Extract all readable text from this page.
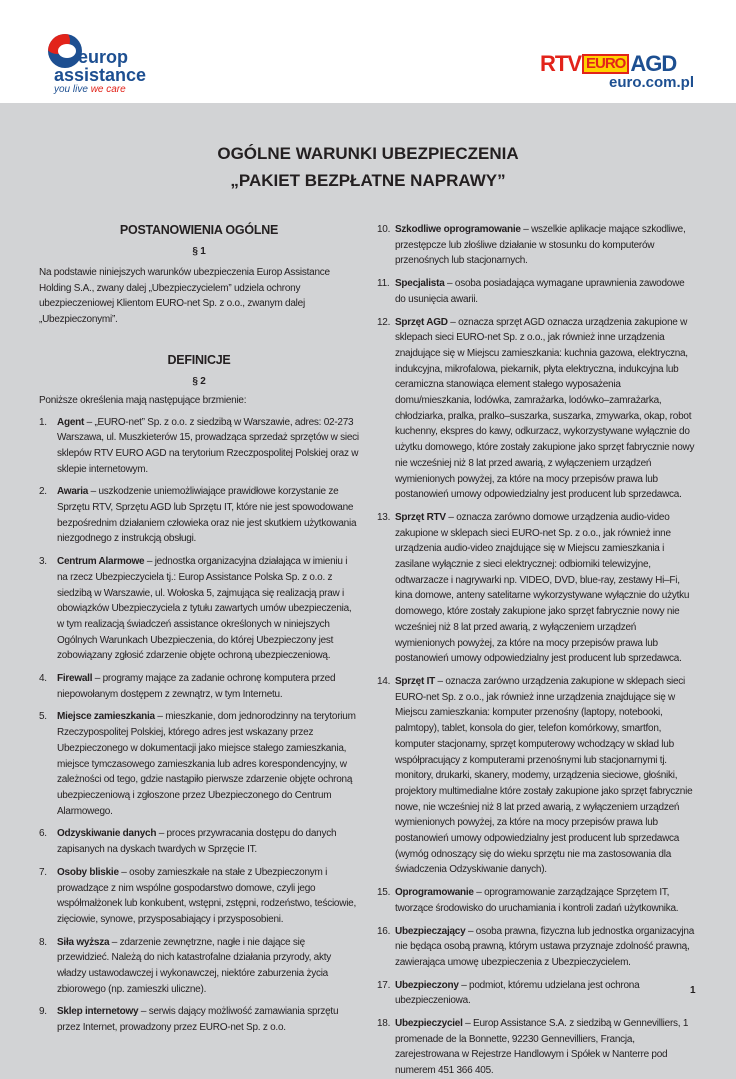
europ
assistance
you live we care
RTV EURO AGD
euro.com.pl
OGÓLNE WARUNKI UBEZPIECZENIA
„PAKIET BEZPŁATNE NAPRAWY”
POSTANOWIENIA OGÓLNE
§ 1
Na podstawie niniejszych warunków ubezpieczenia Europ Assistance Holding S.A., zwany dalej „Ubezpieczycielem” udziela ochrony ubezpieczeniowej Klientom EURO-net Sp. z o.o., zwanym dalej „Ubezpieczonymi”.
DEFINICJE
§ 2
Poniższe określenia mają następujące brzmienie:
1. Agent – „EURO-net” Sp. z o.o. z siedzibą w Warszawie, adres: 02-273 Warszawa, ul. Muszkieterów 15, prowadząca sprzedaż sprzętów w sieci sklepów RTV EURO AGD na terytorium Rzeczpospolitej Polskiej oraz w sklepie internetowym.
2. Awaria – uszkodzenie uniemożliwiające prawidłowe korzystanie ze Sprzętu RTV, Sprzętu AGD lub Sprzętu IT, które nie jest spowodowane bezpośrednim działaniem człowieka oraz nie jest skutkiem użytkowania niezgodnego z instrukcją obsługi.
3. Centrum Alarmowe – jednostka organizacyjna działająca w imieniu i na rzecz Ubezpieczyciela tj.: Europ Assistance Polska Sp. z o.o. z siedzibą w Warszawie, ul. Wołoska 5, zajmująca się realizacją praw i obowiązków Ubezpieczyciela z tytułu zawartych umów ubezpieczenia, w tym realizacją świadczeń assistance określonych w niniejszych Ogólnych Warunkach Ubezpieczenia, do której Ubezpieczony jest zobowiązany zgłosić zdarzenie objęte ochroną ubezpieczeniową.
4. Firewall – programy mające za zadanie ochronę komputera przed niepowołanym dostępem z zewnątrz, w tym Internetu.
5. Miejsce zamieszkania – mieszkanie, dom jednorodzinny na terytorium Rzeczypospolitej Polskiej, którego adres jest wskazany przez Ubezpieczonego w dokumentacji jako miejsce stałego zamieszkania, miejsce tymczasowego zamieszkania lub adres korespondencyjny, w zależności od tego, gdzie nastąpiło pierwsze zdarzenie objęte ochroną ubezpieczeniową i zgłoszone przez Ubezpieczonego do Centrum Alarmowego.
6. Odzyskiwanie danych – proces przywracania dostępu do danych zapisanych na dyskach twardych w Sprzęcie IT.
7. Osoby bliskie – osoby zamieszkałe na stałe z Ubezpieczonym i prowadzące z nim wspólne gospodarstwo domowe, czyli jego współmałżonek lub konkubent, wstępni, zstępni, rodzeństwo, teściowie, zięciowie, synowe, przysposabiający i przysposobieni.
8. Siła wyższa – zdarzenie zewnętrzne, nagłe i nie dające się przewidzieć. Należą do nich katastrofalne działania przyrody, akty władzy ustawodawczej i wykonawczej, niektóre zaburzenia życia zbiorowego (np. zamieszki uliczne).
9. Sklep internetowy – serwis dający możliwość zamawiania sprzętu przez Internet, prowadzony przez EURO-net Sp. z o.o.
10. Szkodliwe oprogramowanie – wszelkie aplikacje mające szkodliwe, przestępcze lub złośliwe działanie w stosunku do komputerów przenośnych lub stacjonarnych.
11. Specjalista – osoba posiadająca wymagane uprawnienia zawodowe do usunięcia awarii.
12. Sprzęt AGD – oznacza sprzęt AGD oznacza urządzenia zakupione w sklepach sieci EURO-net Sp. z o.o., jak również inne urządzenia znajdujące się w Miejscu zamieszkania: kuchnia gazowa, elektryczna, indukcyjna, mikrofalowa, piekarnik, płyta elektryczna, indukcyjna lub ceramiczna stanowiąca element stałego wyposażenia domu/mieszkania, lodówka, zamrażarka, lodówko–zamrażarka, chłodziarka, pralka, pralko–suszarka, suszarka, zmywarka, okap, robot kuchenny, ekspres do kawy, odkurzacz, wykorzystywane wyłącznie do użytku domowego, które zostały zakupione jako sprzęt fabrycznie nowy nie wcześniej niż 8 lat przed awarią, z wyłączeniem urządzeń wymienionych powyżej, za które na mocy przepisów prawa lub postanowień umowy odpowiedzialny jest producent lub sprzedawca.
13. Sprzęt RTV – oznacza zarówno domowe urządzenia audio-video zakupione w sklepach sieci EURO-net Sp. z o.o., jak również inne urządzenia audio-video znajdujące się w Miejscu zamieszkania i zasilane wyłącznie z sieci elektrycznej: odbiorniki telewizyjne, odtwarzacze i nagrywarki np. VIDEO, DVD, blue-ray, zestawy Hi–Fi, kina domowe, anteny satelitarne wykorzystywane wyłącznie do użytku domowego, które zostały zakupione jako sprzęt fabrycznie nowy nie wcześniej niż 8 lat przed awarią, z wyłączeniem urządzeń wymienionych powyżej, za które na mocy przepisów prawa lub postanowień umowy odpowiedzialny jest producent lub sprzedawca.
14. Sprzęt IT – oznacza zarówno urządzenia zakupione w sklepach sieci EURO-net Sp. z o.o., jak również inne urządzenia znajdujące się w Miejscu zamieszkania: komputer przenośny (laptopy, notebooki, palmtopy), tablet, konsola do gier, telefon komórkowy, smartfon, komputer stacjonarny, sprzęt komputerowy wchodzący w skład lub współpracujący z komputerami przenośnymi lub stacjonarnymi tj. monitory, drukarki, skanery, modemy, urządzenia sieciowe, głośniki, projektory multimedialne które zostały zakupione jako sprzęt fabrycznie nowe, nie wcześniej niż 8 lat przed awarią, z wyłączeniem urządzeń wymienionych powyżej, za które na mocy przepisów prawa lub postanowień umowy odpowiedzialny jest producent lub sprzedawca (wymóg odnoszący się do wieku sprzętu nie ma zastosowania dla świadczenia Odzyskiwanie danych).
15. Oprogramowanie – oprogramowanie zarządzające Sprzętem IT, tworzące środowisko do uruchamiania i kontroli zadań użytkownika.
16. Ubezpieczający – osoba prawna, fizyczna lub jednostka organizacyjna nie będąca osobą prawną, którym ustawa przyznaje zdolność prawną, zawierająca umowę ubezpieczenia z Ubezpieczycielem.
17. Ubezpieczony – podmiot, któremu udzielana jest ochrona ubezpieczeniowa.
18. Ubezpieczyciel – Europ Assistance S.A. z siedzibą w Gennevilliers, 1 promenade de la Bonnette, 92230 Gennevilliers, Francja, zarejestrowana w Rejestrze Handlowym i Spółek w Nanterre pod numerem 451 366 405.
1
